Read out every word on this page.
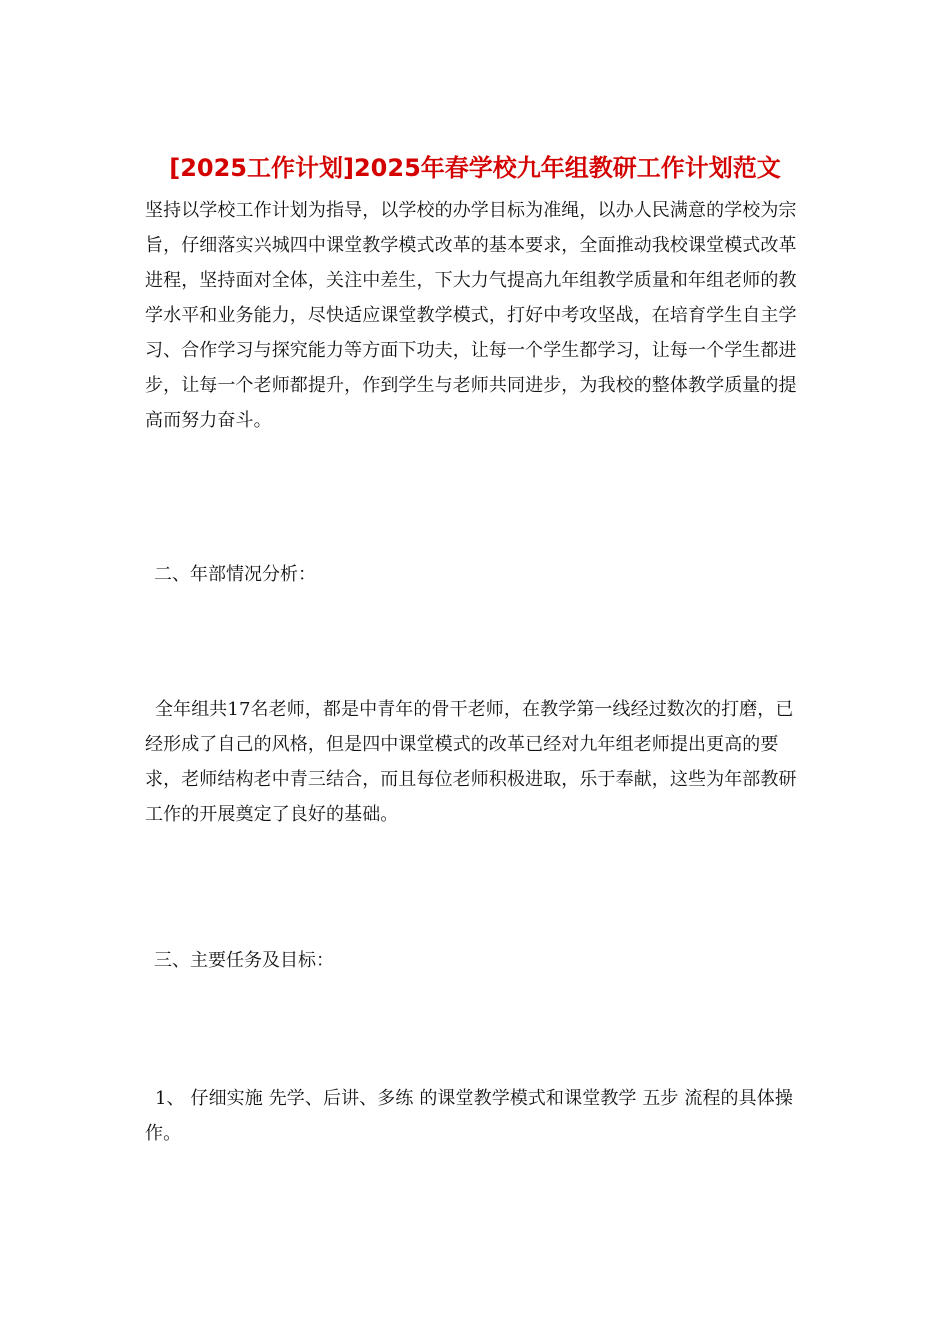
[2025工作计划]2025年春学校九年组教研工作计划范文

坚持以学校工作计划为指导，以学校的办学目标为准绳，以办人民满意的学校为宗旨，仔细落实兴城四中课堂教学模式改革的基本要求，全面推动我校课堂模式改革进程，坚持面对全体，关注中差生，下大力气提高九年组教学质量和年组老师的教学水平和业务能力，尽快适应课堂教学模式，打好中考攻坚战，在培育学生自主学习、合作学习与探究能力等方面下功夫，让每一个学生都学习，让每一个学生都进步，让每一个老师都提升，作到学生与老师共同进步，为我校的整体教学质量的提高而努力奋斗。

二、年部情况分析：

全年组共17名老师，都是中青年的骨干老师，在教学第一线经过数次的打磨，已经形成了自己的风格，但是四中课堂模式的改革已经对九年组老师提出更高的要求，老师结构老中青三结合，而且每位老师积极进取，乐于奉献，这些为年部教研工作的开展奠定了良好的基础。

三、主要任务及目标：

1、 仔细实施 先学、后讲、多练 的课堂教学模式和课堂教学 五步 流程的具体操作。
